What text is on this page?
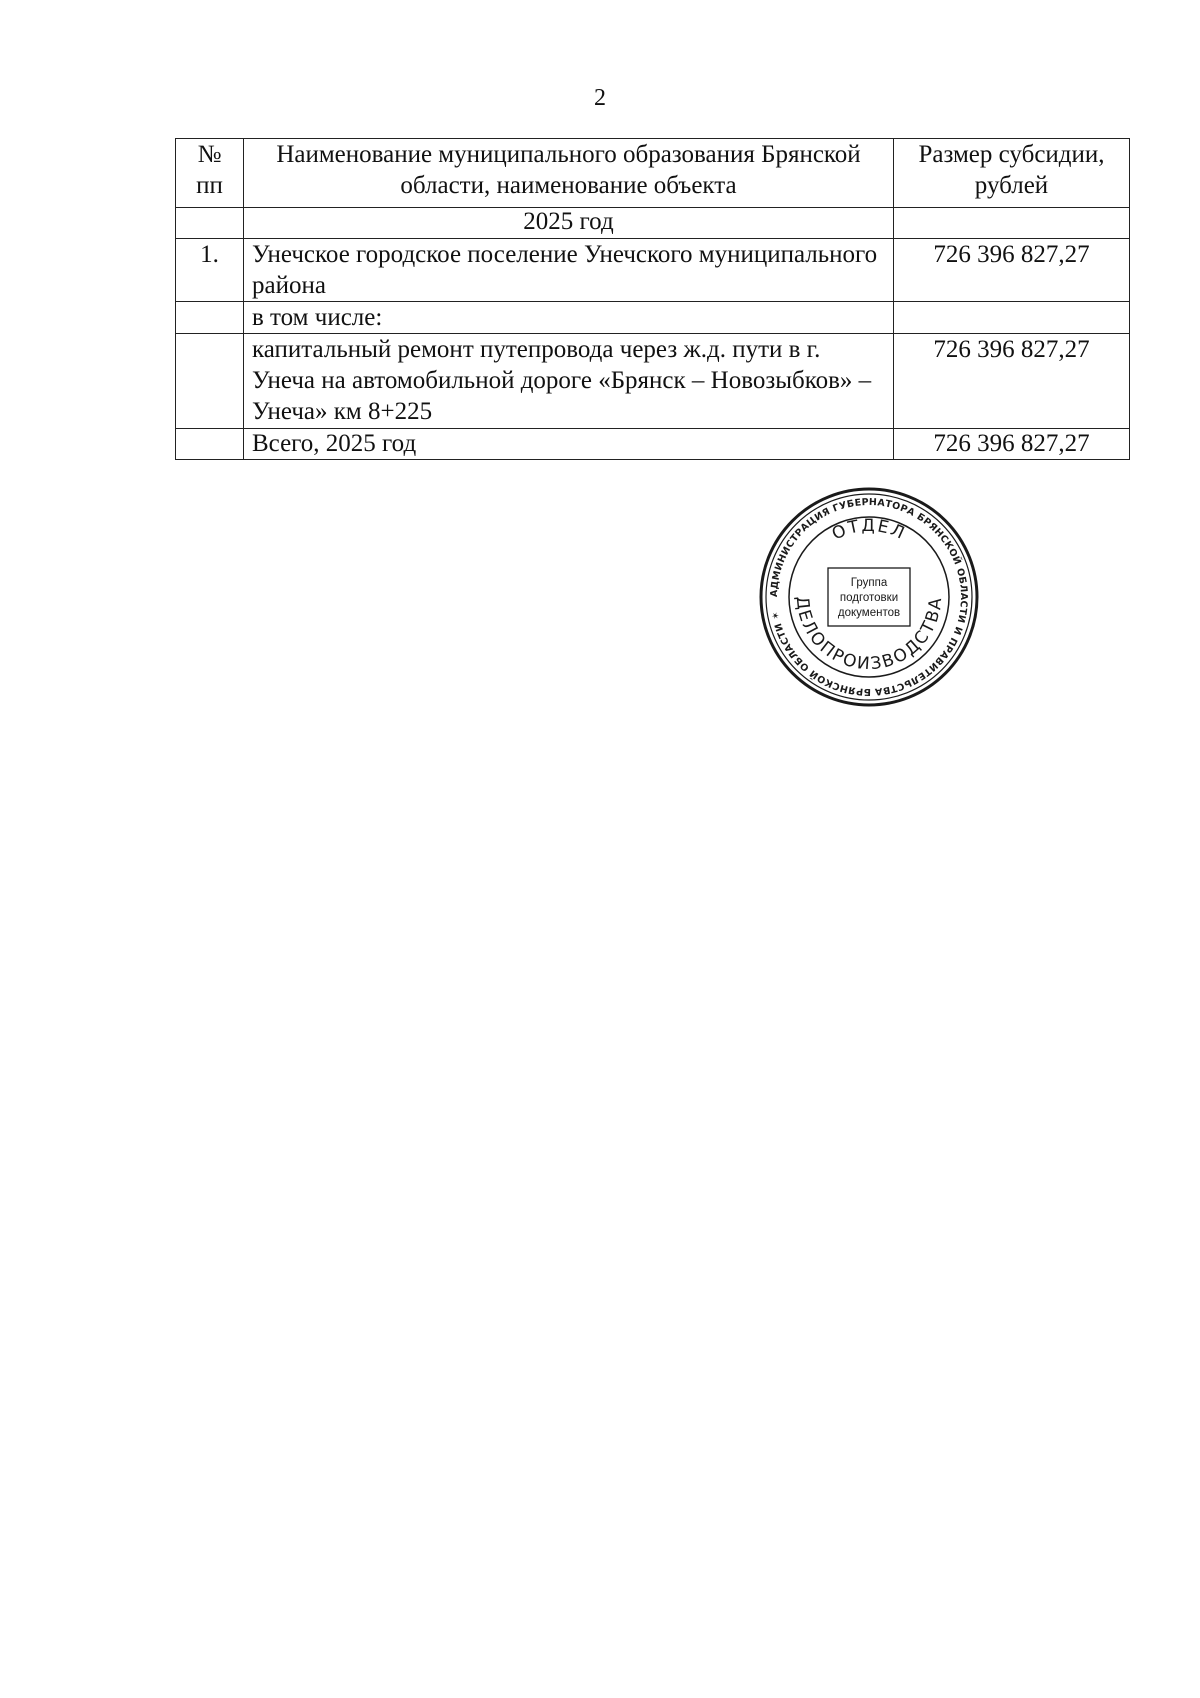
2
№ пп	Наименование муниципального образования Брянской области, наименование объекта	Размер субсидии, рублей
	2025 год	
1.	Унечское городское поселение Унечского муниципального района	726 396 827,27
	в том числе:	
	капитальный ремонт путепровода через ж.д. пути в г. Унеча на автомобильной дороге «Брянск – Новозыбков» – Унеча» км 8+225	726 396 827,27
	Всего, 2025 год	726 396 827,27
АДМИНИСТРАЦИЯ ГУБЕРНАТОРА БРЯНСКОЙ ОБЛАСТИ И ПРАВИТЕЛЬСТВА БРЯНСКОЙ ОБЛАСТИ ✶
ОТДЕЛ
ДЕЛОПРОИЗВОДСТВА
Группа
подготовки
документов
